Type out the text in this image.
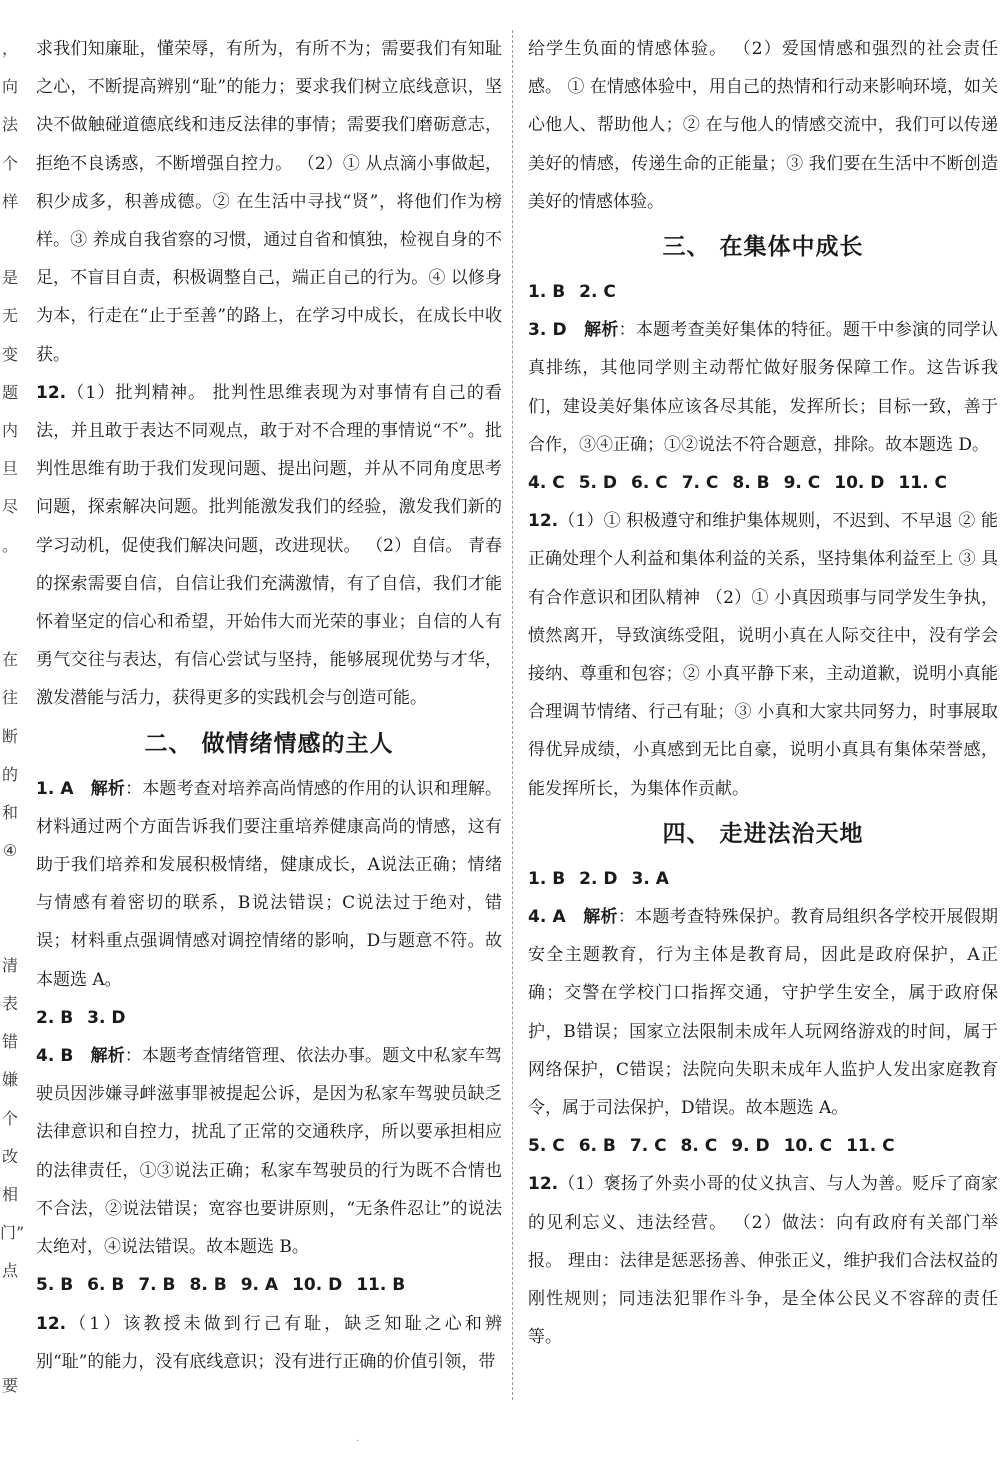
，
向
法
个
样
是
无
变
题
内
旦
尽
。
在
往
断
的
和
④
清
表
错
嫌
个
改
相
门”
点
要

求我们知廉耻，懂荣辱，有所为，有所不为；需要我们有知耻之心，不断提高辨别“耻”的能力；要求我们树立底线意识，坚决不做触碰道德底线和违反法律的事情；需要我们磨砺意志，拒绝不良诱惑，不断增强自控力。 （2）① 从点滴小事做起，积少成多，积善成德。② 在生活中寻找“贤”，将他们作为榜样。③ 养成自我省察的习惯，通过自省和慎独，检视自身的不足，不盲目自责，积极调整自己，端正自己的行为。④ 以修身为本，行走在“止于至善”的路上，在学习中成长，在成长中收获。

12.（1）批判精神。 批判性思维表现为对事情有自己的看法，并且敢于表达不同观点，敢于对不合理的事情说“不”。批判性思维有助于我们发现问题、提出问题，并从不同角度思考问题，探索解决问题。批判能激发我们的经验，激发我们新的学习动机，促使我们解决问题，改进现状。 （2）自信。 青春的探索需要自信，自信让我们充满激情，有了自信，我们才能怀着坚定的信心和希望，开始伟大而光荣的事业；自信的人有勇气交往与表达，有信心尝试与坚持，能够展现优势与才华，激发潜能与活力，获得更多的实践机会与创造可能。

二、 做情绪情感的主人

1. A　 解析：本题考查对培养高尚情感的作用的认识和理解。材料通过两个方面告诉我们要注重培养健康高尚的情感，这有助于我们培养和发展积极情绪，健康成长，A说法正确；情绪与情感有着密切的联系，B说法错误；C说法过于绝对，错误；材料重点强调情感对调控情绪的影响，D与题意不符。故本题选 A。

2. B 3. D

4. B　 解析：本题考查情绪管理、依法办事。题文中私家车驾驶员因涉嫌寻衅滋事罪被提起公诉，是因为私家车驾驶员缺乏法律意识和自控力，扰乱了正常的交通秩序，所以要承担相应的法律责任，①③说法正确；私家车驾驶员的行为既不合情也不合法，②说法错误；宽容也要讲原则，“无条件忍让”的说法太绝对，④说法错误。故本题选 B。

5. B 6. B 7. B 8. B 9. A 10. D 11. B

12.（1）该教授未做到行己有耻，缺乏知耻之心和辨别“耻”的能力，没有底线意识；没有进行正确的价值引领，带

给学生负面的情感体验。 （2）爱国情感和强烈的社会责任感。 ① 在情感体验中，用自己的热情和行动来影响环境，如关心他人、帮助他人；② 在与他人的情感交流中，我们可以传递美好的情感，传递生命的正能量；③ 我们要在生活中不断创造美好的情感体验。

三、 在集体中成长

1. B 2. C

3. D　 解析：本题考查美好集体的特征。题干中参演的同学认真排练，其他同学则主动帮忙做好服务保障工作。这告诉我们，建设美好集体应该各尽其能，发挥所长；目标一致，善于合作，③④正确；①②说法不符合题意，排除。故本题选 D。

4. C 5. D 6. C 7. C 8. B 9. C 10. D 11. C

12.（1）① 积极遵守和维护集体规则，不迟到、不早退 ② 能正确处理个人利益和集体利益的关系，坚持集体利益至上 ③ 具有合作意识和团队精神 （2）① 小真因琐事与同学发生争执，愤然离开，导致演练受阻，说明小真在人际交往中，没有学会接纳、尊重和包容；② 小真平静下来，主动道歉，说明小真能合理调节情绪、行己有耻；③ 小真和大家共同努力，时事展取得优异成绩，小真感到无比自豪，说明小真具有集体荣誉感，能发挥所长，为集体作贡献。

四、 走进法治天地

1. B 2. D 3. A

4. A　 解析：本题考查特殊保护。教育局组织各学校开展假期安全主题教育，行为主体是教育局，因此是政府保护，A正确；交警在学校门口指挥交通，守护学生安全，属于政府保护，B错误；国家立法限制未成年人玩网络游戏的时间，属于网络保护，C错误；法院向失职未成年人监护人发出家庭教育令，属于司法保护，D错误。故本题选 A。

5. C 6. B 7. C 8. C 9. D 10. C 11. C

12.（1）褒扬了外卖小哥的仗义执言、与人为善。贬斥了商家的见利忘义、违法经营。 （2）做法：向有政府有关部门举报。 理由：法律是惩恶扬善、伸张正义，维护我们合法权益的刚性规则；同违法犯罪作斗争，是全体公民义不容辞的责任等。

·
